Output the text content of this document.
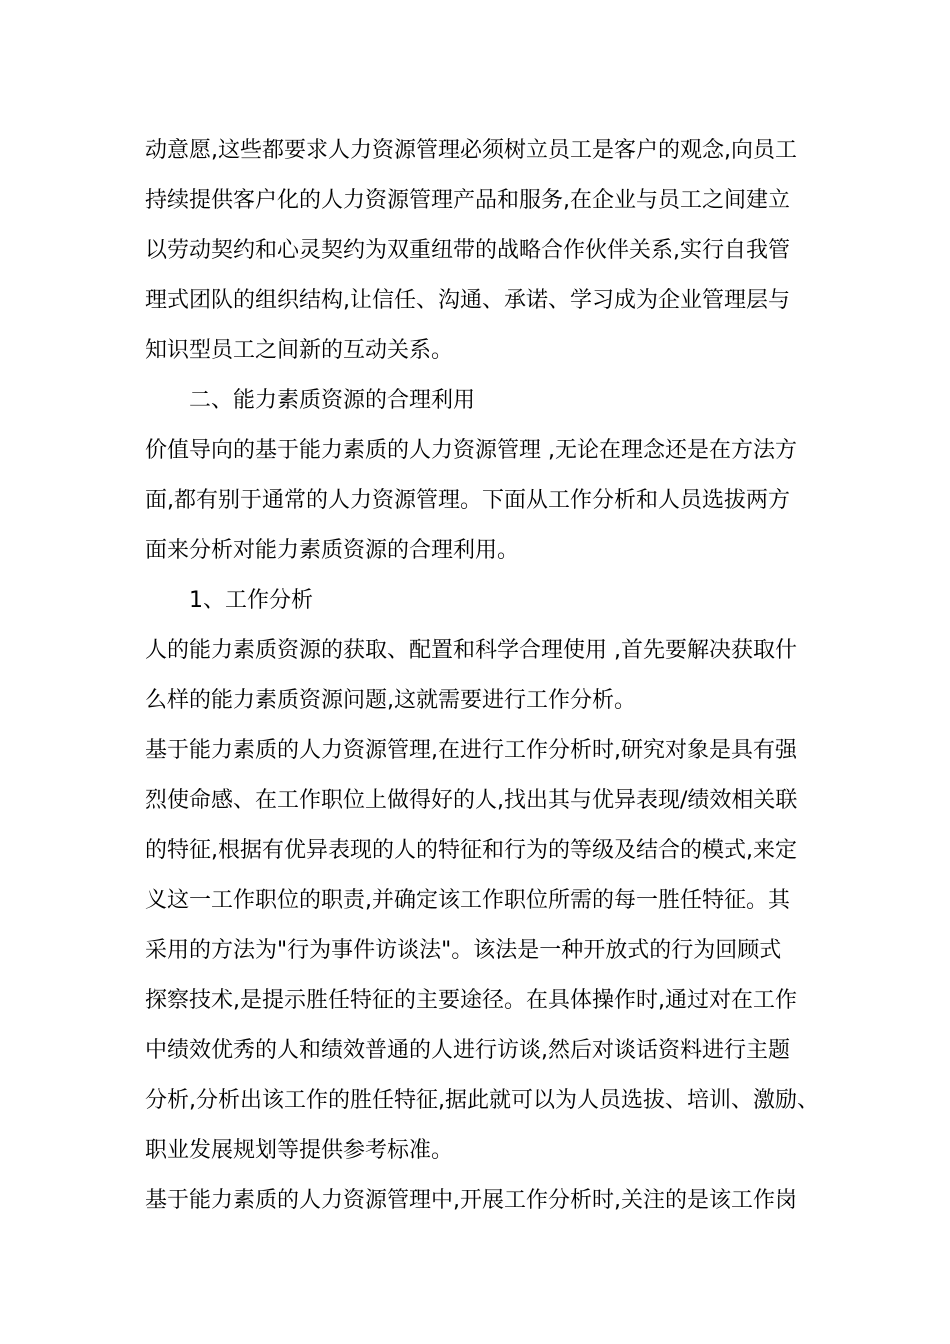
动意愿,这些都要求人力资源管理必须树立员工是客户的观念,向员工
持续提供客户化的人力资源管理产品和服务,在企业与员工之间建立
以劳动契约和心灵契约为双重纽带的战略合作伙伴关系,实行自我管
理式团队的组织结构,让信任、沟通、承诺、学习成为企业管理层与
知识型员工之间新的互动关系。
二、能力素质资源的合理利用
价值导向的基于能力素质的人力资源管理 ,无论在理念还是在方法方
面,都有别于通常的人力资源管理。下面从工作分析和人员选拔两方
面来分析对能力素质资源的合理利用。
1、工作分析
人的能力素质资源的获取、配置和科学合理使用 ,首先要解决获取什
么样的能力素质资源问题,这就需要进行工作分析。
基于能力素质的人力资源管理,在进行工作分析时,研究对象是具有强
烈使命感、在工作职位上做得好的人,找出其与优异表现/绩效相关联
的特征,根据有优异表现的人的特征和行为的等级及结合的模式,来定
义这一工作职位的职责,并确定该工作职位所需的每一胜任特征。其
采用的方法为"行为事件访谈法"。该法是一种开放式的行为回顾式
探察技术,是提示胜任特征的主要途径。在具体操作时,通过对在工作
中绩效优秀的人和绩效普通的人进行访谈,然后对谈话资料进行主题
分析,分析出该工作的胜任特征,据此就可以为人员选拔、培训、激励、
职业发展规划等提供参考标准。
基于能力素质的人力资源管理中,开展工作分析时,关注的是该工作岗
